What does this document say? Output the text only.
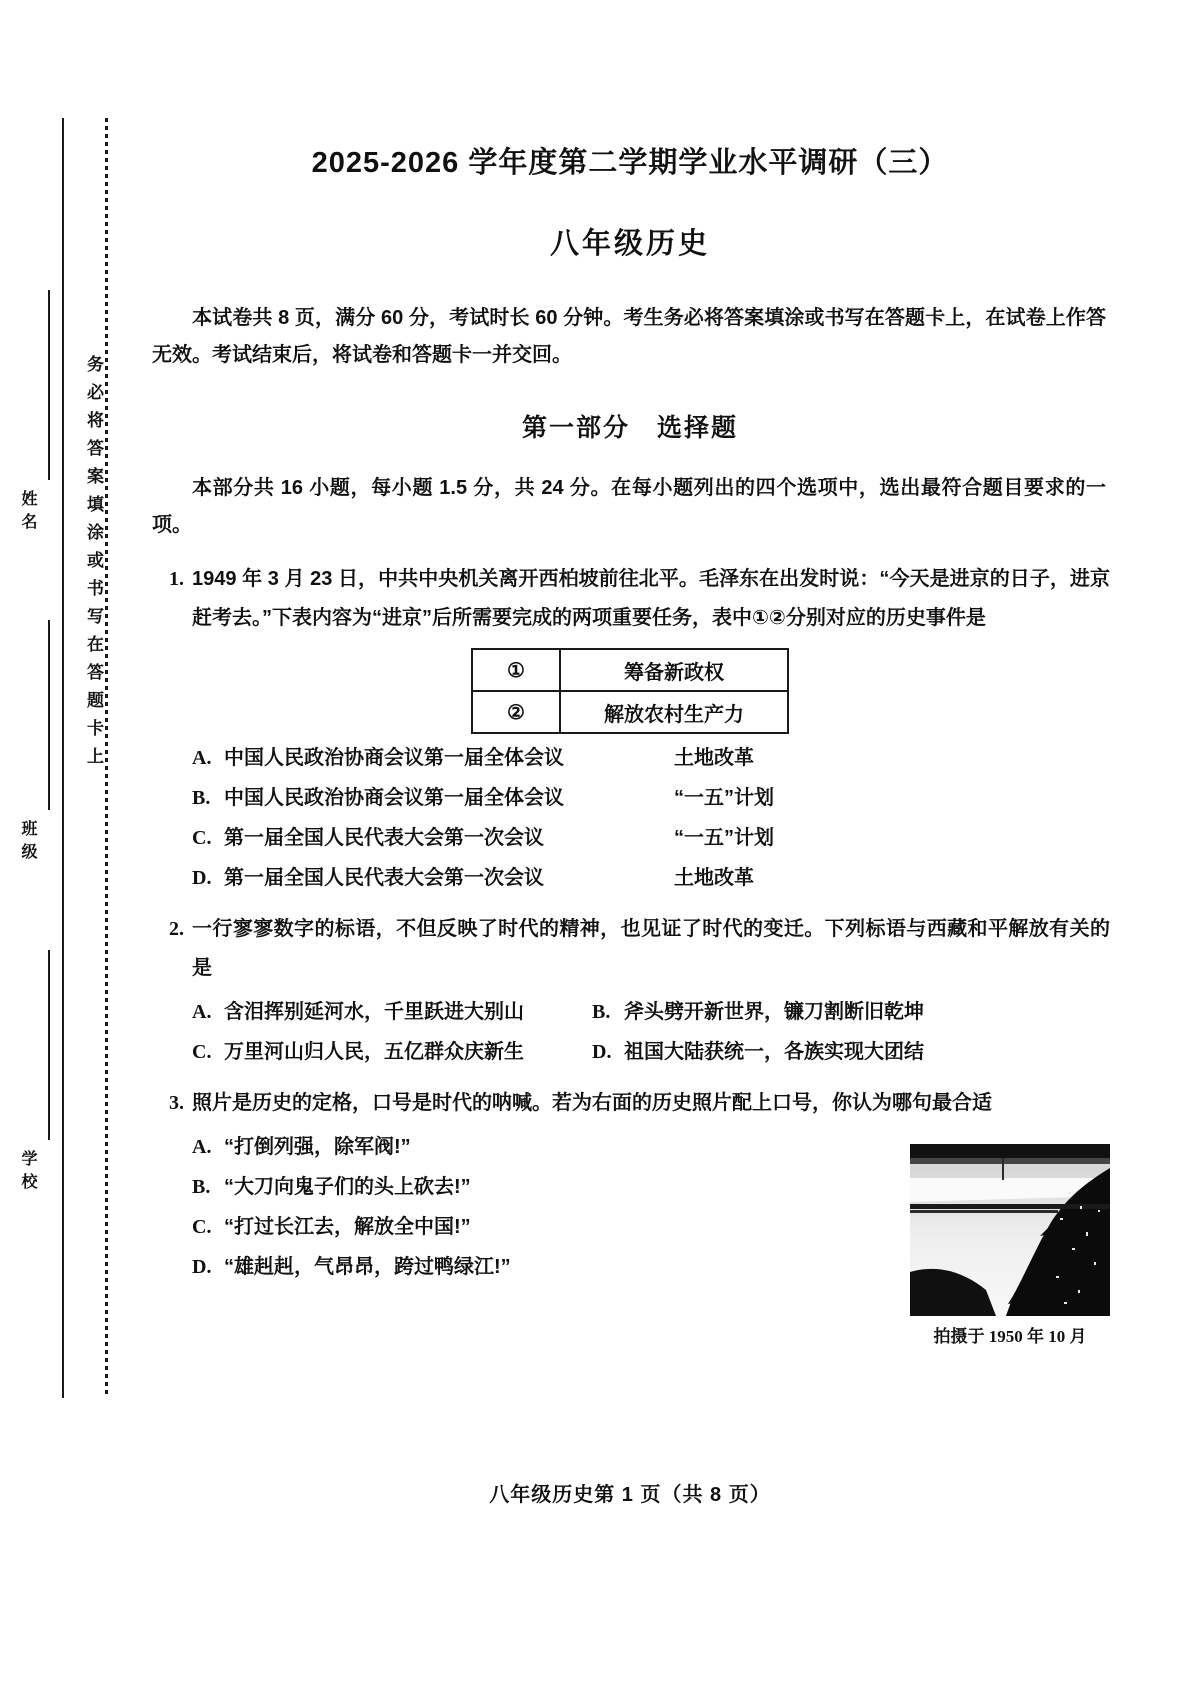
务必将答案填涂或书写在答题卡上
姓名
班级
学校
2025-2026 学年度第二学期学业水平调研（三）
八年级历史
本试卷共 8 页，满分 60 分，考试时长 60 分钟。考生务必将答案填涂或书写在答题卡上，在试卷上作答无效。考试结束后，将试卷和答题卡一并交回。
第一部分　选择题
本部分共 16 小题，每小题 1.5 分，共 24 分。在每小题列出的四个选项中，选出最符合题目要求的一项。
1. 1949 年 3 月 23 日，中共中央机关离开西柏坡前往北平。毛泽东在出发时说：“今天是进京的日子，进京赶考去。”下表内容为“进京”后所需要完成的两项重要任务，表中①②分别对应的历史事件是
①	筹备新政权
②	解放农村生产力
A. 中国人民政治协商会议第一届全体会议	土地改革
B. 中国人民政治协商会议第一届全体会议	“一五”计划
C. 第一届全国人民代表大会第一次会议	“一五”计划
D. 第一届全国人民代表大会第一次会议	土地改革
2. 一行寥寥数字的标语，不但反映了时代的精神，也见证了时代的变迁。下列标语与西藏和平解放有关的是
A. 含泪挥别延河水，千里跃进大别山	B. 斧头劈开新世界，镰刀割断旧乾坤
C. 万里河山归人民，五亿群众庆新生	D. 祖国大陆获统一，各族实现大团结
3. 照片是历史的定格，口号是时代的呐喊。若为右面的历史照片配上口号，你认为哪句最合适
A. “打倒列强，除军阀!”
B. “大刀向鬼子们的头上砍去!”
C. “打过长江去，解放全中国!”
D. “雄赳赳，气昂昂，跨过鸭绿江!”
拍摄于 1950 年 10 月
八年级历史第 1 页（共 8 页）
